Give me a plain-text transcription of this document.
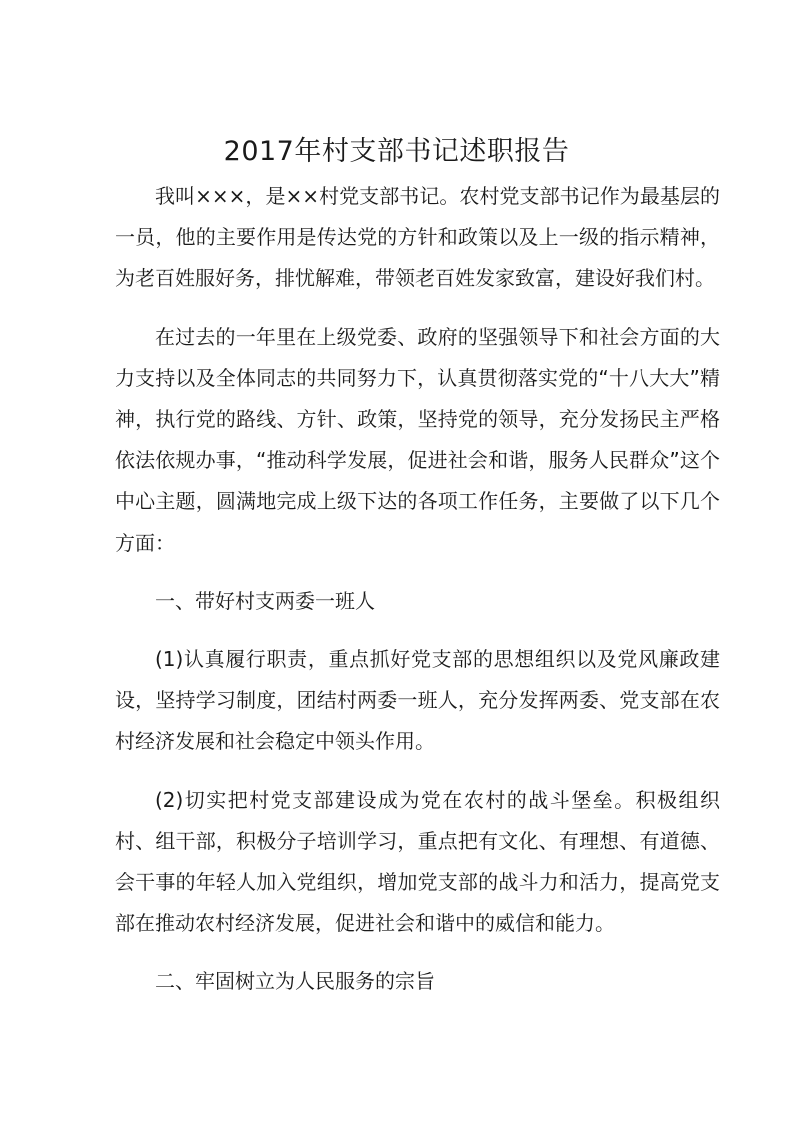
2017年村支部书记述职报告

我叫×××，是××村党支部书记。农村党支部书记作为最基层的一员，他的主要作用是传达党的方针和政策以及上一级的指示精神，为老百姓服好务，排忧解难，带领老百姓发家致富，建设好我们村。

在过去的一年里在上级党委、政府的坚强领导下和社会方面的大力支持以及全体同志的共同努力下，认真贯彻落实党的“十八大大”精神，执行党的路线、方针、政策，坚持党的领导，充分发扬民主严格依法依规办事，“推动科学发展，促进社会和谐，服务人民群众”这个中心主题，圆满地完成上级下达的各项工作任务，主要做了以下几个方面：

一、带好村支两委一班人

(1)认真履行职责，重点抓好党支部的思想组织以及党风廉政建设，坚持学习制度，团结村两委一班人，充分发挥两委、党支部在农村经济发展和社会稳定中领头作用。

(2)切实把村党支部建设成为党在农村的战斗堡垒。积极组织村、组干部，积极分子培训学习，重点把有文化、有理想、有道德、会干事的年轻人加入党组织，增加党支部的战斗力和活力，提高党支部在推动农村经济发展，促进社会和谐中的威信和能力。

二、牢固树立为人民服务的宗旨
